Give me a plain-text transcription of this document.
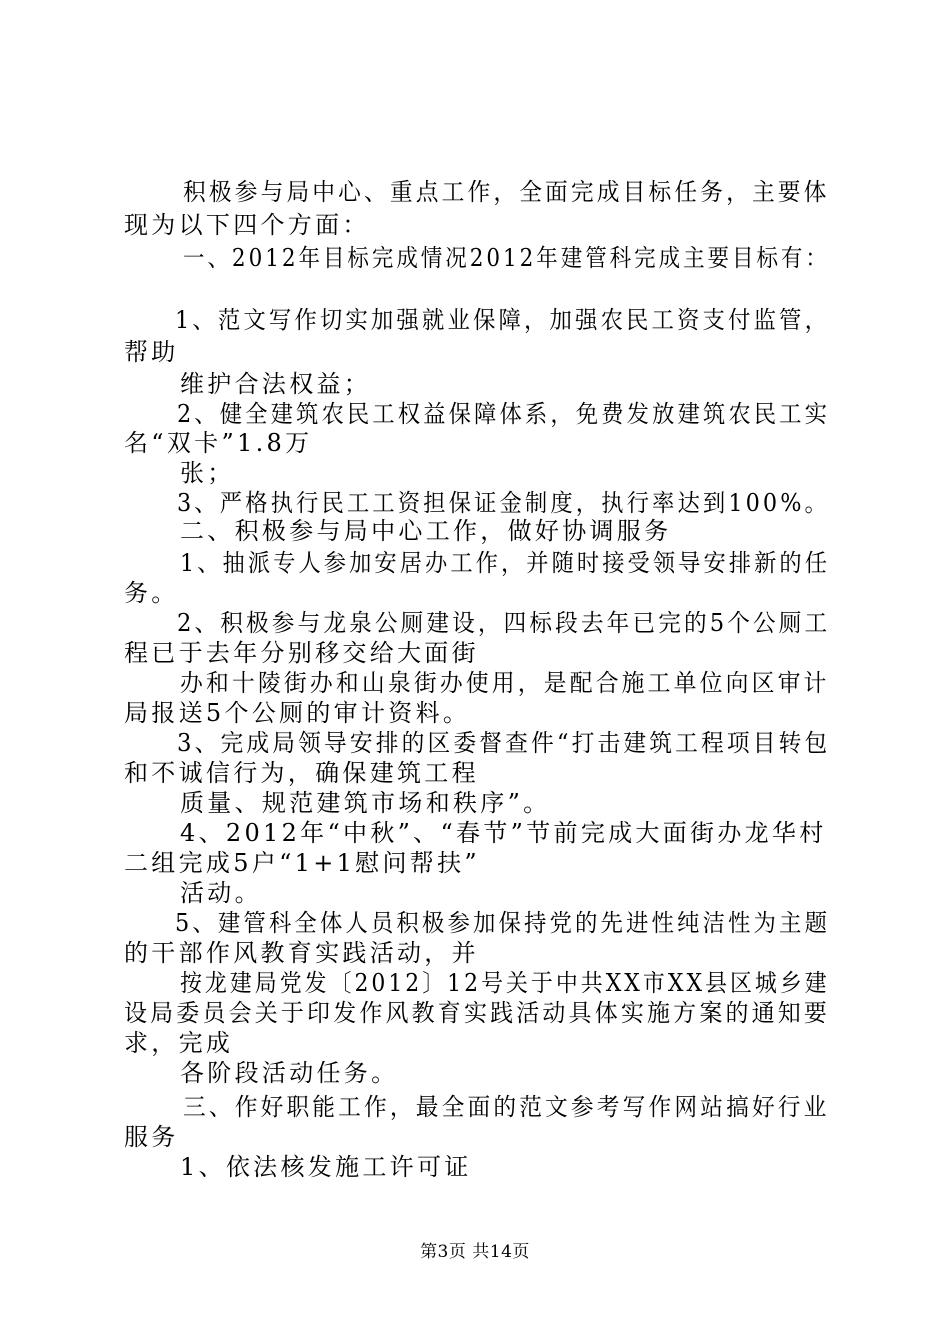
积极参与局中心、重点工作，全面完成目标任务，主要体
现为以下四个方面：
一、2012年目标完成情况2012年建管科完成主要目标有：
1、范文写作切实加强就业保障，加强农民工资支付监管，
帮助
维护合法权益；
2、健全建筑农民工权益保障体系，免费发放建筑农民工实
名“双卡”1.8万
张；
3、严格执行民工工资担保证金制度，执行率达到100%。
二、积极参与局中心工作，做好协调服务
1、抽派专人参加安居办工作，并随时接受领导安排新的任
务。
2、积极参与龙泉公厕建设，四标段去年已完的5个公厕工
程已于去年分别移交给大面街
办和十陵街办和山泉街办使用，是配合施工单位向区审计
局报送5个公厕的审计资料。
3、完成局领导安排的区委督查件“打击建筑工程项目转包
和不诚信行为，确保建筑工程
质量、规范建筑市场和秩序”。
4、2012年“中秋”、“春节”节前完成大面街办龙华村
二组完成5户“1+1慰问帮扶”
活动。
5、建管科全体人员积极参加保持党的先进性纯洁性为主题
的干部作风教育实践活动，并
按龙建局党发〔2012〕12号关于中共XX市XX县区城乡建
设局委员会关于印发作风教育实践活动具体实施方案的通知要
求，完成
各阶段活动任务。
三、作好职能工作，最全面的范文参考写作网站搞好行业
服务
1、依法核发施工许可证
第3页 共14页
